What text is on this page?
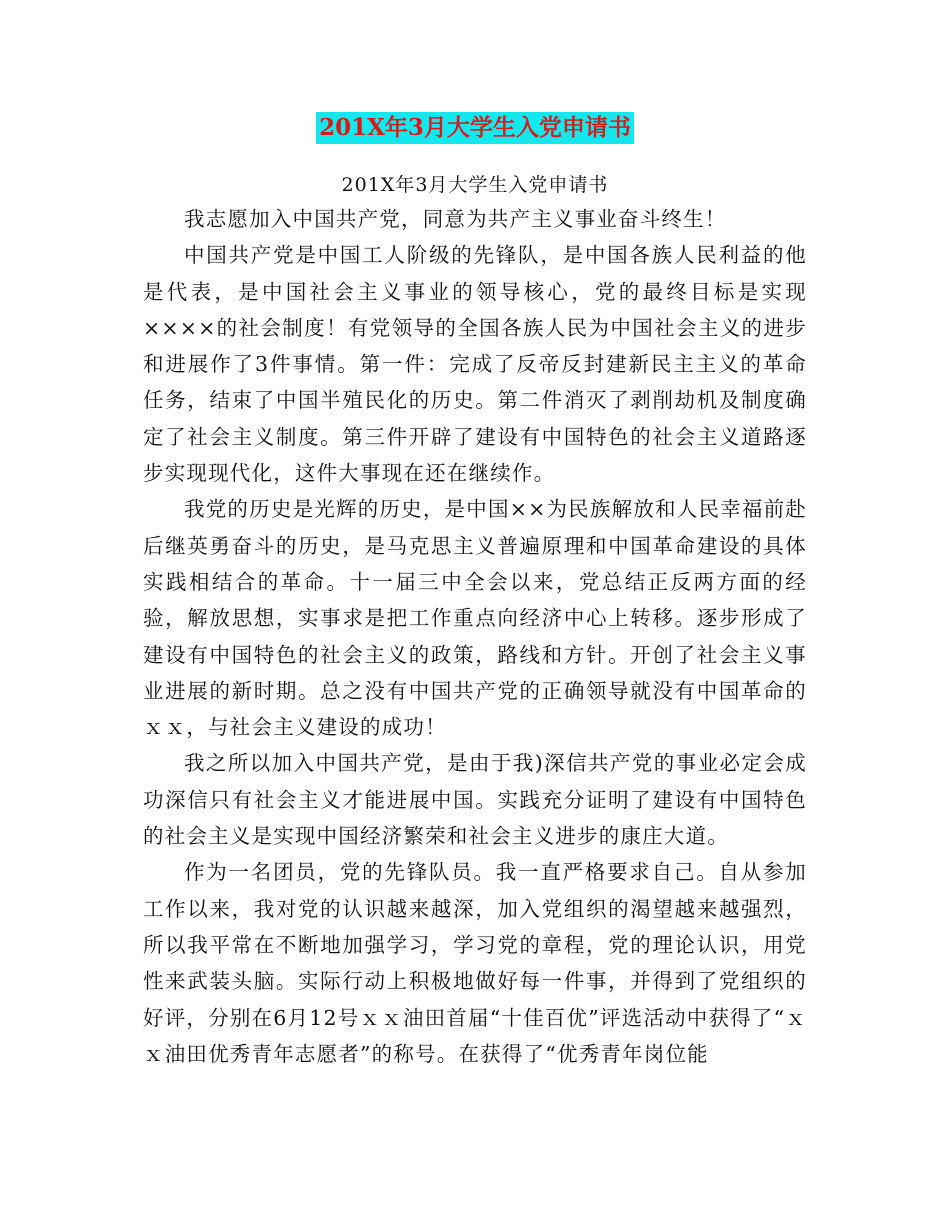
201X年3月大学生入党申请书
201X年3月大学生入党申请书

我志愿加入中国共产党，同意为共产主义事业奋斗终生！

中国共产党是中国工人阶级的先锋队，是中国各族人民利益的他是代表，是中国社会主义事业的领导核心，党的最终目标是实现××××的社会制度！有党领导的全国各族人民为中国社会主义的进步和进展作了3件事情。第一件：完成了反帝反封建新民主主义的革命任务，结束了中国半殖民化的历史。第二件消灭了剥削劫机及制度确定了社会主义制度。第三件开辟了建设有中国特色的社会主义道路逐步实现现代化，这件大事现在还在继续作。

我党的历史是光辉的历史，是中国××为民族解放和人民幸福前赴后继英勇奋斗的历史，是马克思主义普遍原理和中国革命建设的具体实践相结合的革命。十一届三中全会以来，党总结正反两方面的经验，解放思想，实事求是把工作重点向经济中心上转移。逐步形成了建设有中国特色的社会主义的政策，路线和方针。开创了社会主义事业进展的新时期。总之没有中国共产党的正确领导就没有中国革命的ｘｘ，与社会主义建设的成功！

我之所以加入中国共产党，是由于我)深信共产党的事业必定会成功深信只有社会主义才能进展中国。实践充分证明了建设有中国特色的社会主义是实现中国经济繁荣和社会主义进步的康庄大道。

作为一名团员，党的先锋队员。我一直严格要求自己。自从参加工作以来，我对党的认识越来越深，加入党组织的渴望越来越强烈，所以我平常在不断地加强学习，学习党的章程，党的理论认识，用党性来武装头脑。实际行动上积极地做好每一件事，并得到了党组织的好评，分别在6月12号ｘｘ油田首届“十佳百优”评选活动中获得了“ｘｘ油田优秀青年志愿者”的称号。在获得了“优秀青年岗位能
